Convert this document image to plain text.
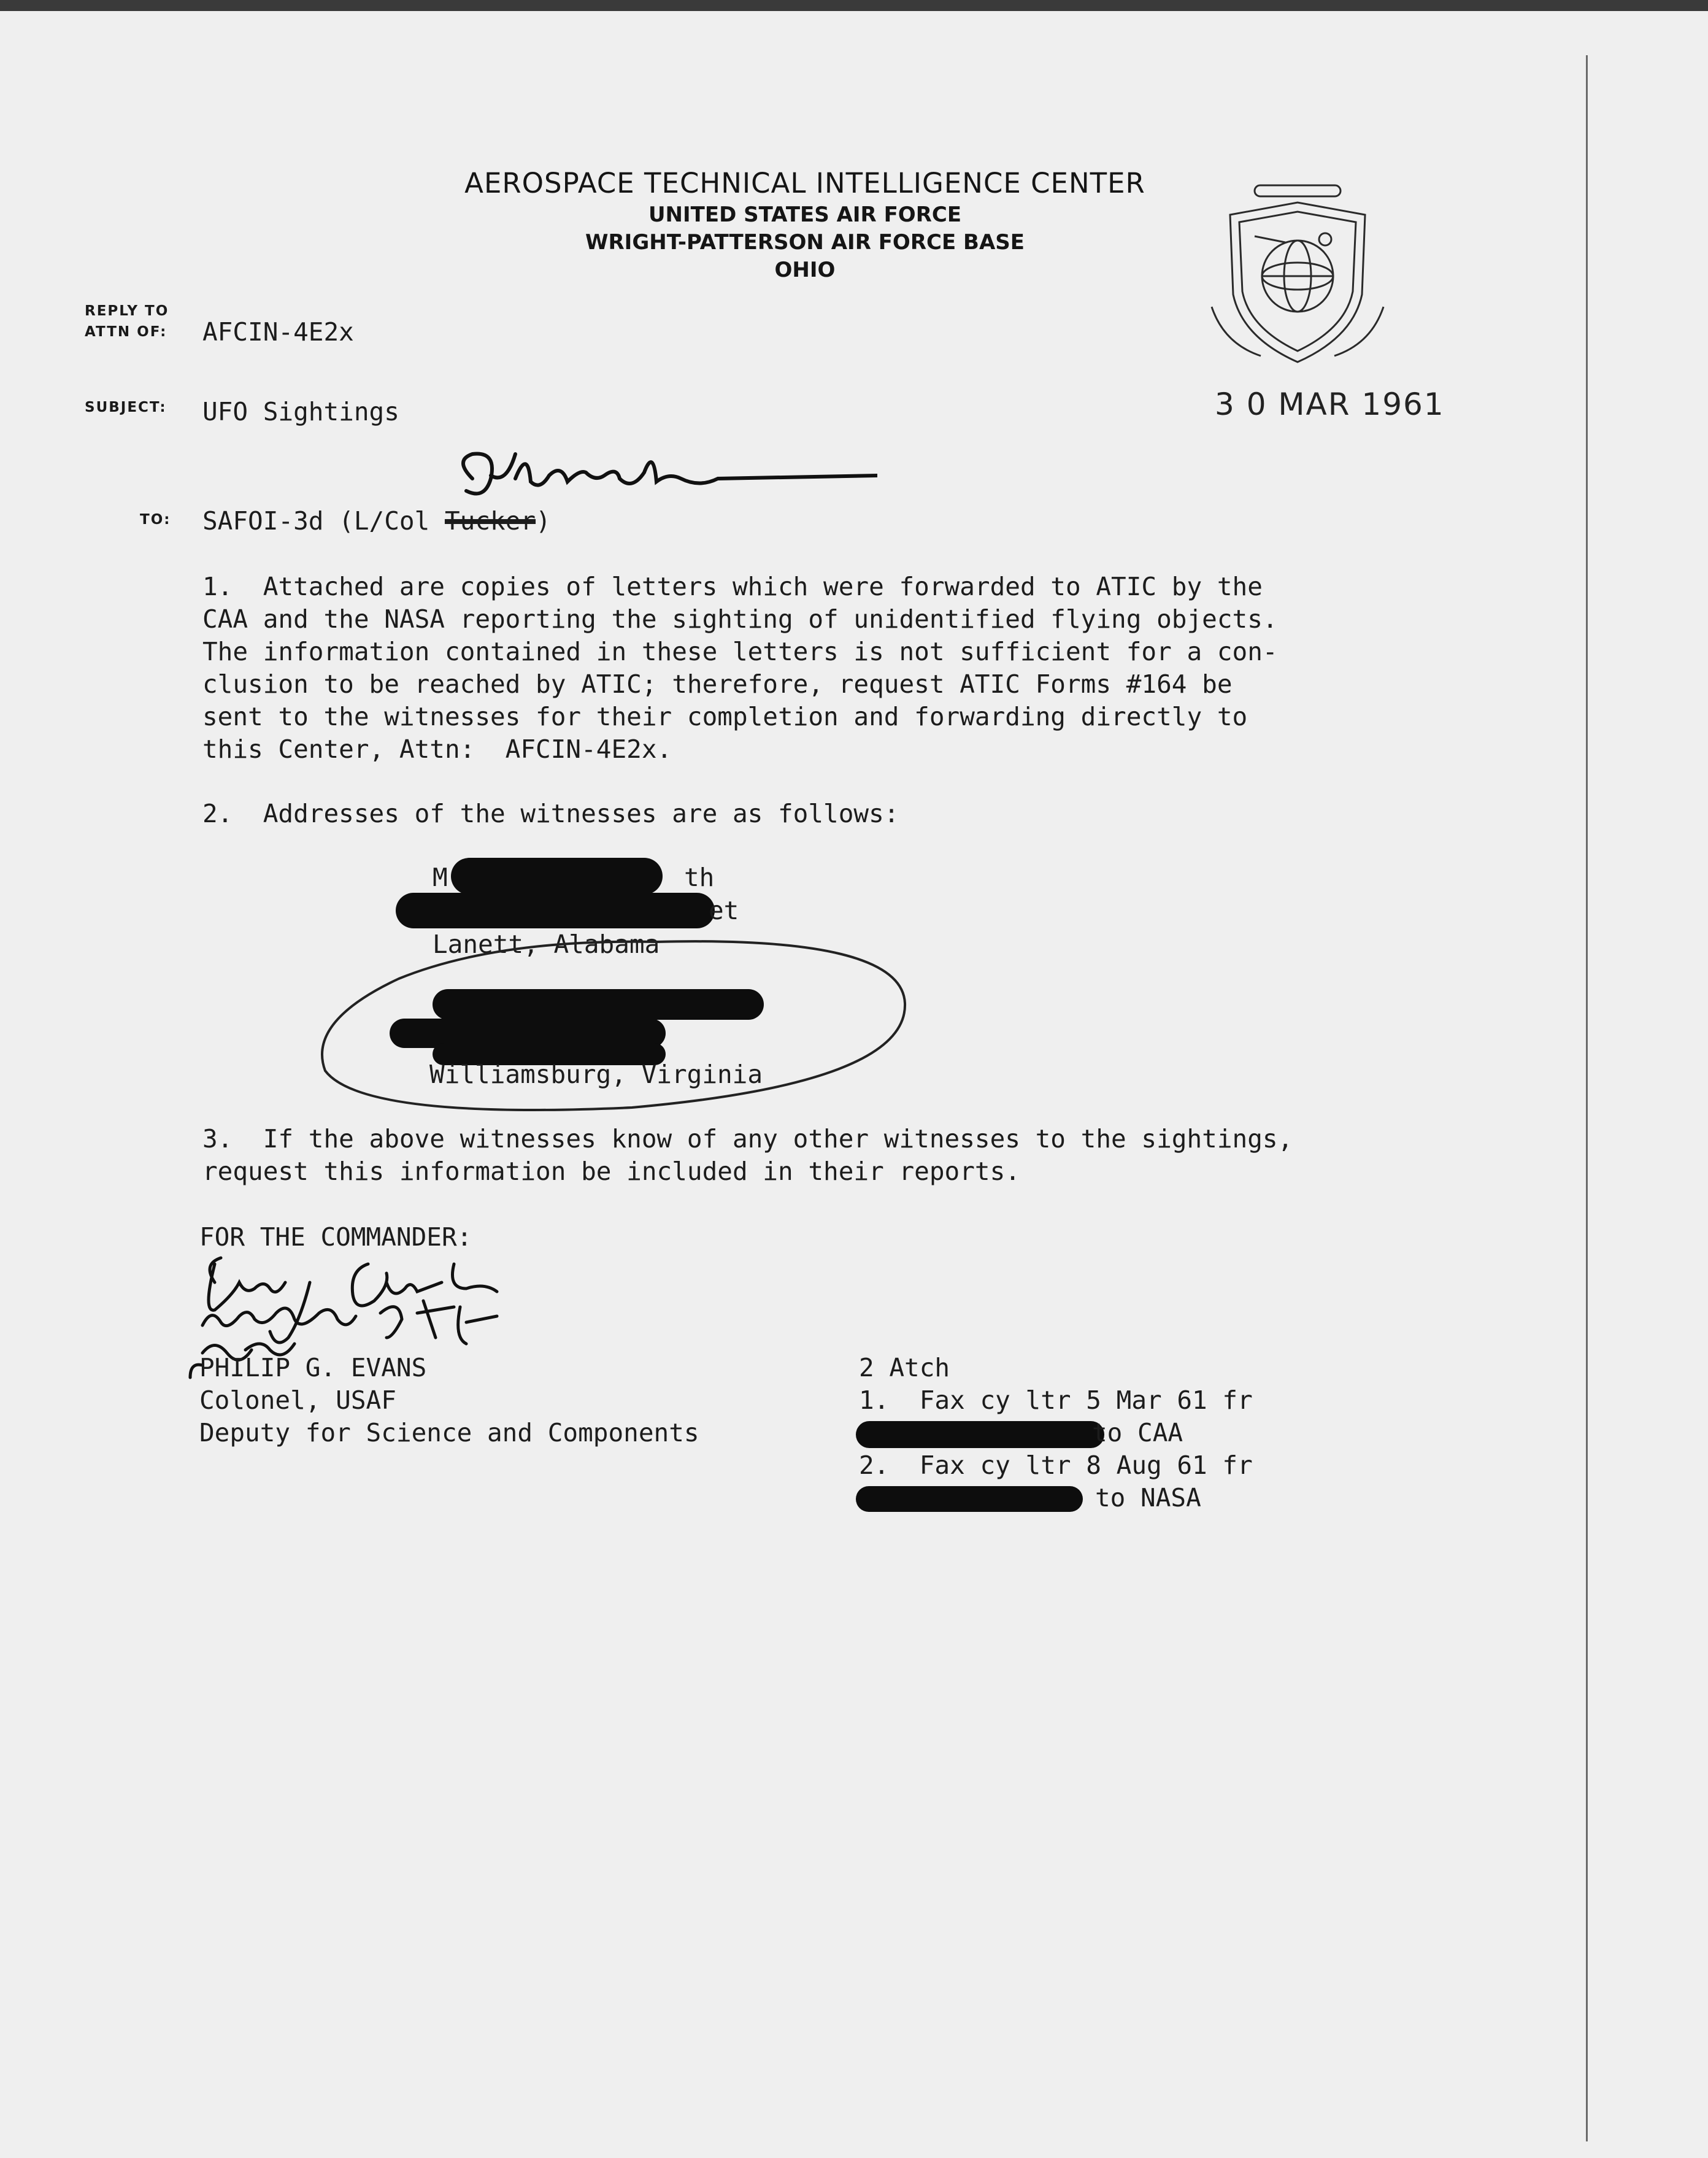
AEROSPACE TECHNICAL INTELLIGENCE CENTER
UNITED STATES AIR FORCE
WRIGHT-PATTERSON AIR FORCE BASE
OHIO
3 0 MAR 1961
REPLY TO
ATTN OF: AFCIN-4E2x
SUBJECT: UFO Sightings
TO: SAFOI-3d (L/Col Tucker)
1.  Attached are copies of letters which were forwarded to ATIC by the
CAA and the NASA reporting the sighting of unidentified flying objects.
The information contained in these letters is not sufficient for a con-
clusion to be reached by ATIC; therefore, request ATIC Forms #164 be
sent to the witnesses for their completion and forwarding directly to
this Center, Attn:  AFCIN-4E2x.
2.  Addresses of the witnesses are as follows:
M	th
et
Lanett, Alabama
Williamsburg, Virginia
3.  If the above witnesses know of any other witnesses to the sightings,
request this information be included in their reports.
FOR THE COMMANDER:
PHILIP G. EVANS
Colonel, USAF
Deputy for Science and Components
2 Atch
1.  Fax cy ltr 5 Mar 61 fr
to CAA
2.  Fax cy ltr 8 Aug 61 fr
to NASA
